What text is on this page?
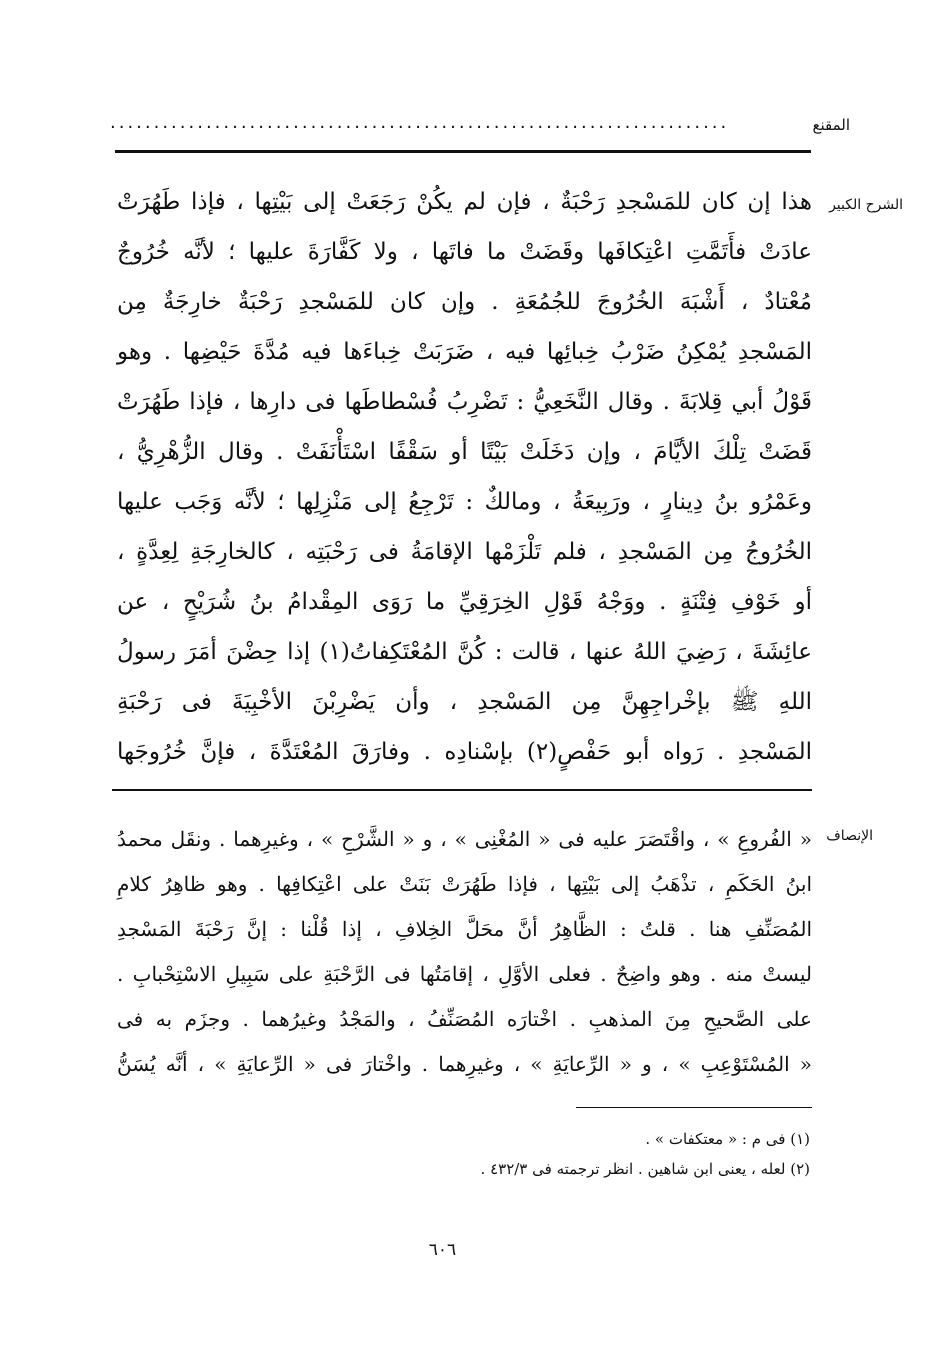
المقنع
.......................................................................
الشرح الكبير
هذا إن كان للمَسْجدِ رَحْبَةٌ ، فإن لم يكُنْ رَجَعَتْ إلى بَيْتِها ، فإذا طَهُرَتْ
عادَتْ فأَتَمَّتِ اعْتِكافَها وقَضَتْ ما فاتَها ، ولا كَفَّارَةَ عليها ؛ لأنَّه خُرُوجٌ
مُعْتادٌ ، أَشْبَهَ الخُرُوجَ للجُمُعَةِ . وإن كان للمَسْجدِ رَحْبَةٌ خارِجَةٌ مِن
المَسْجدِ يُمْكِنُ ضَرْبُ خِبائِها فيه ، ضَرَبَتْ خِباءَها فيه مُدَّةَ حَيْضِها . وهو
قَوْلُ أبي قِلابَةَ . وقال النَّخَعِيُّ : تَضْرِبُ فُسْطاطَها فى دارِها ، فإذا طَهُرَتْ
قَضَتْ تِلْكَ الأيَّامَ ، وإن دَخَلَتْ بَيْتًا أو سَقْفًا اسْتَأْنَفَتْ . وقال الزُّهْرِيُّ ،
وعَمْرُو بنُ دِينارٍ ، ورَبِيعَةُ ، ومالكٌ : تَرْجِعُ إلى مَنْزِلِها ؛ لأنَّه وَجَب عليها
الخُرُوجُ مِن المَسْجدِ ، فلم تَلْزَمْها الإقامَةُ فى رَحْبَتِه ، كالخارِجَةِ لِعِدَّةٍ ،
أو خَوْفِ فِتْنَةٍ . ووَجْهُ قَوْلِ الخِرَقِيِّ ما رَوَى المِقْدامُ بنُ شُرَيْحٍ ، عن
عائِشَةَ ، رَضِيَ اللهُ عنها ، قالت : كُنَّ المُعْتَكِفاتُ(١) إذا حِضْنَ أمَرَ رسولُ
اللهِ ﷺ بإخْراجِهِنَّ مِن المَسْجدِ ، وأن يَضْرِبْنَ الأخْبِيَةَ فى رَحْبَةِ
المَسْجدِ . رَواه أبو حَفْصٍ(٢) بإسْنادِه . وفارَقَ المُعْتَدَّةَ ، فإنَّ خُرُوجَها
الإنصاف
« الفُروعِ » ، واقْتَصَرَ عليه فى « المُغْنِى » ، و « الشَّرْحِ » ، وغيرِهما . ونقَل محمدُ
ابنُ الحَكَمِ ، تذْهَبُ إلى بَيْتِها ، فإذا طَهُرَتْ بَنَتْ على اعْتِكافِها . وهو ظاهِرُ كلامِ
المُصَنِّفِ هنا . قلتُ : الظَّاهِرُ أنَّ محَلَّ الخِلافِ ، إذا قُلْنا : إنَّ رَحْبَةَ المَسْجدِ
ليستْ منه . وهو واضِحٌ . فعلى الأوَّلِ ، إقامَتُها فى الرَّحْبَةِ على سَبِيلِ الاسْتِحْبابِ .
على الصَّحيحِ مِنَ المذهبِ . اخْتارَه المُصَنِّفُ ، والمَجْدُ وغيرُهما . وجزَم به فى
« المُسْتَوْعِبِ » ، و « الرِّعايَةِ » ، وغيرِهما . واخْتارَ فى « الرِّعايَةِ » ، أنَّه يُسَنُّ
(١) فى م : « معتكفات » .
(٢) لعله ، يعنى ابن شاهين . انظر ترجمته فى ٤٣٢/٣ .
٦٠٦
